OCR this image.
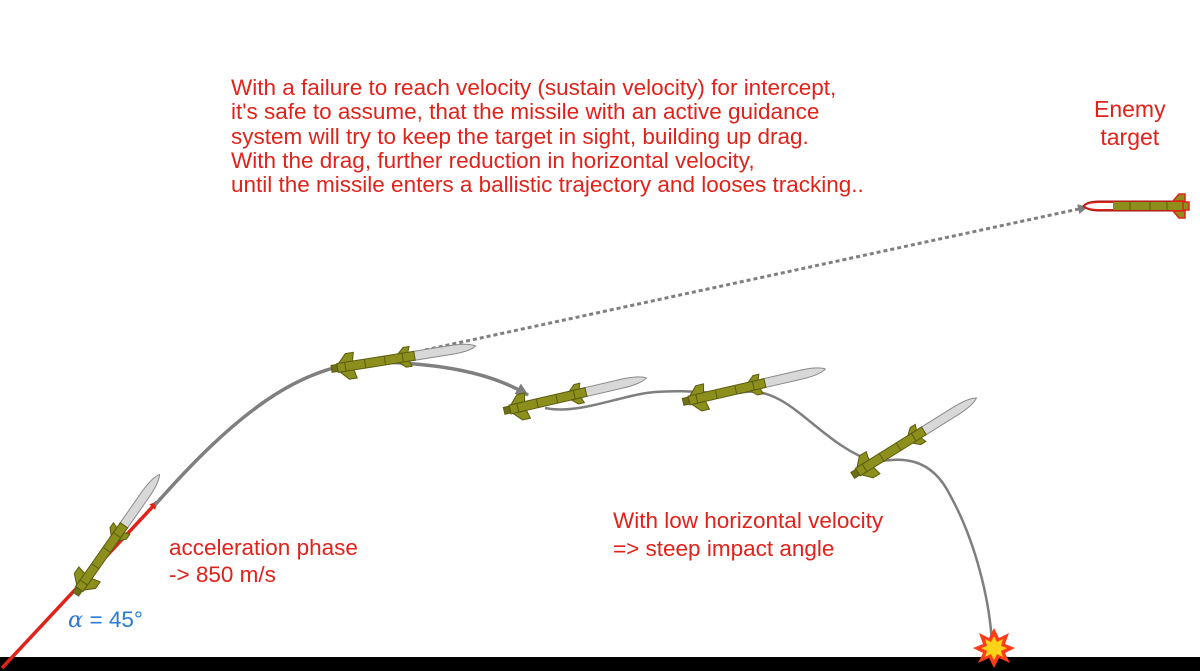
With a failure to reach velocity (sustain velocity) for intercept,
it's safe to assume, that the missile with an active guidance
system will try to keep the target in sight, building up drag.
With the drag, further reduction in horizontal velocity,
until the missile enters a ballistic trajectory and looses tracking..
Enemy
target
acceleration phase
-> 850 m/s
With low horizontal velocity
=> steep impact angle
α = 45°
